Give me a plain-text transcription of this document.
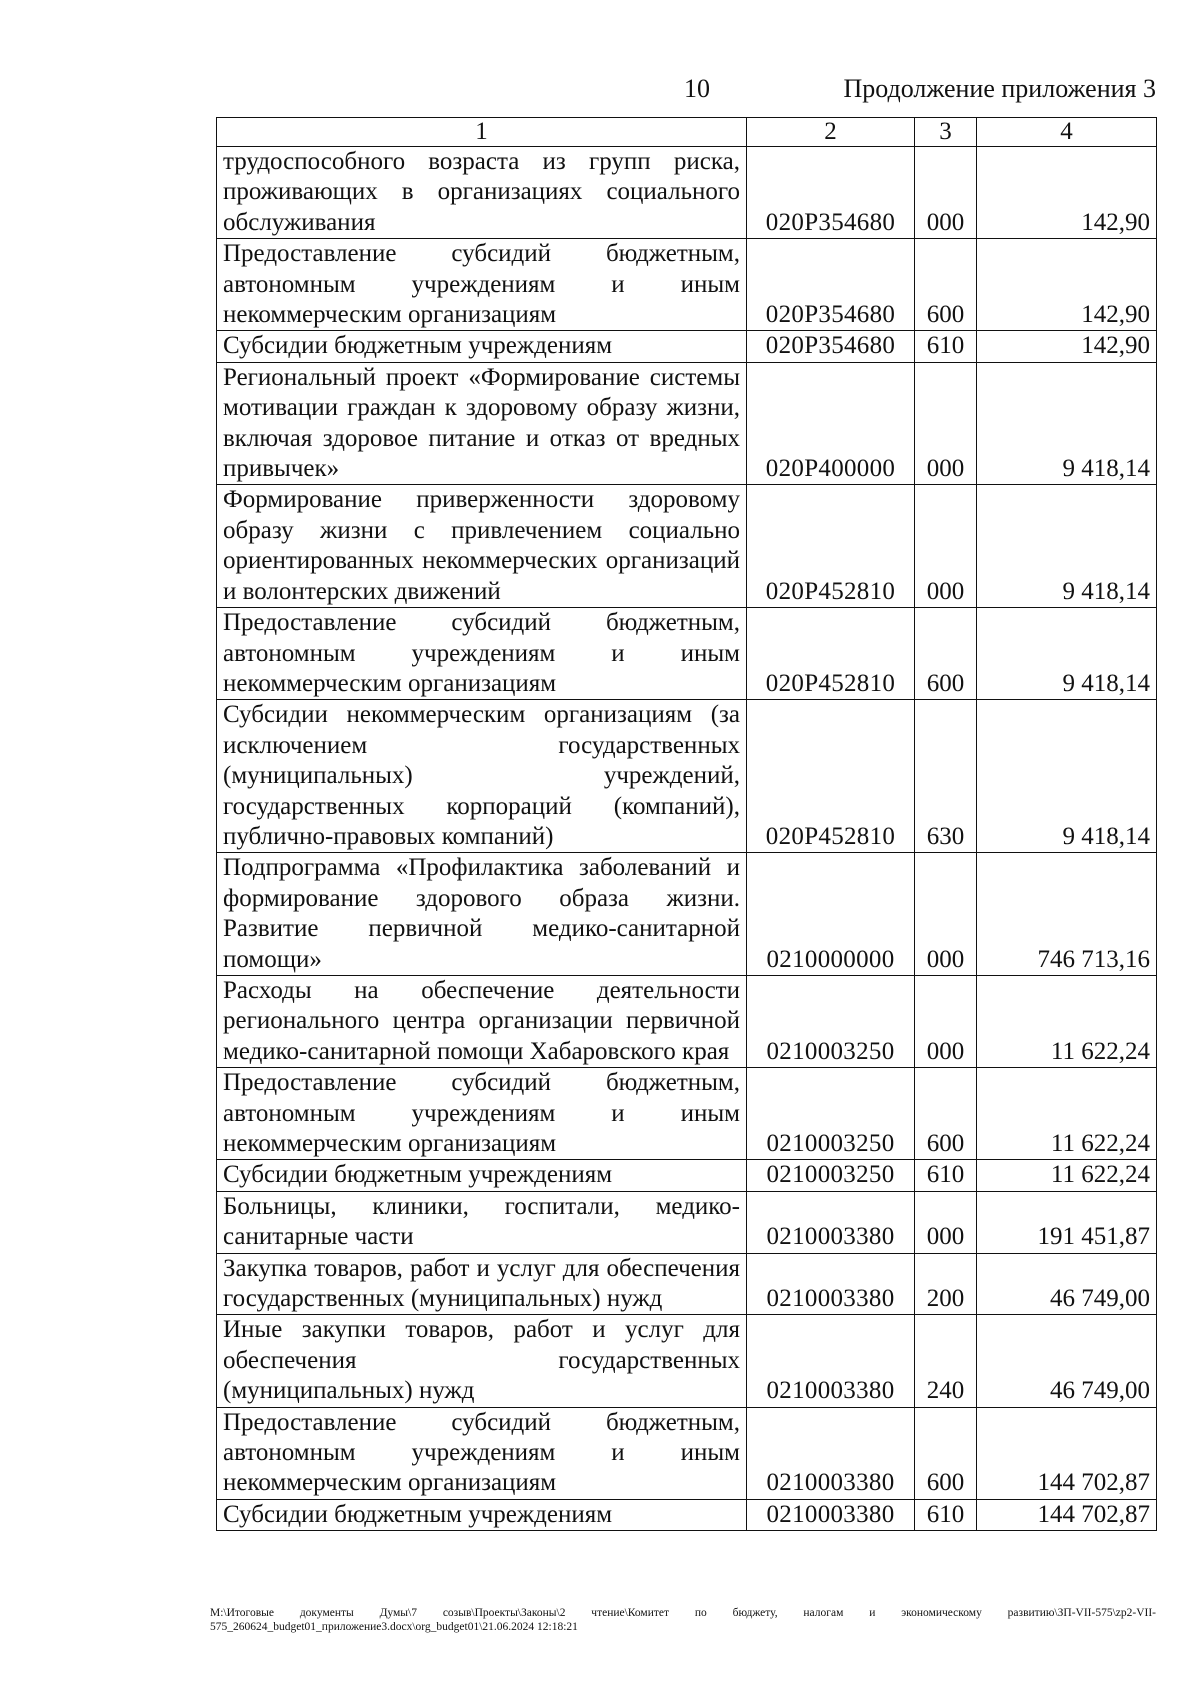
10	Продолжение приложения 3
1	2	3	4
трудоспособного возраста из групп риска, проживающих в организациях социального обслуживания	020P354680	000	142,90
Предоставление субсидий бюджетным, автономным учреждениям и иным некоммерческим организациям	020P354680	600	142,90
Субсидии бюджетным учреждениям	020P354680	610	142,90
Региональный проект «Формирование системы мотивации граждан к здоровому образу жизни, включая здоровое питание и отказ от вредных привычек»	020P400000	000	9 418,14
Формирование приверженности здоровому образу жизни с привлечением социально ориентированных некоммерческих организаций и волонтерских движений	020P452810	000	9 418,14
Предоставление субсидий бюджетным, автономным учреждениям и иным некоммерческим организациям	020P452810	600	9 418,14
Субсидии некоммерческим организациям (за исключением государственных (муниципальных) учреждений, государственных корпораций (компаний), публично-правовых компаний)	020P452810	630	9 418,14
Подпрограмма «Профилактика заболеваний и формирование здорового образа жизни. Развитие первичной медико-санитарной помощи»	0210000000	000	746 713,16
Расходы на обеспечение деятельности регионального центра организации первичной медико-санитарной помощи Хабаровского края	0210003250	000	11 622,24
Предоставление субсидий бюджетным, автономным учреждениям и иным некоммерческим организациям	0210003250	600	11 622,24
Субсидии бюджетным учреждениям	0210003250	610	11 622,24
Больницы, клиники, госпитали, медико-санитарные части	0210003380	000	191 451,87
Закупка товаров, работ и услуг для обеспечения государственных (муниципальных) нужд	0210003380	200	46 749,00
Иные закупки товаров, работ и услуг для обеспечения государственных (муниципальных) нужд	0210003380	240	46 749,00
Предоставление субсидий бюджетным, автономным учреждениям и иным некоммерческим организациям	0210003380	600	144 702,87
Субсидии бюджетным учреждениям	0210003380	610	144 702,87
М:\Итоговые документы Думы\7 созыв\Проекты\Законы\2 чтение\Комитет по бюджету, налогам и экономическому развитию\ЗП-VII-575\zp2-VII-575_260624_budget01_приложение3.docx\org_budget01\21.06.2024 12:18:21
